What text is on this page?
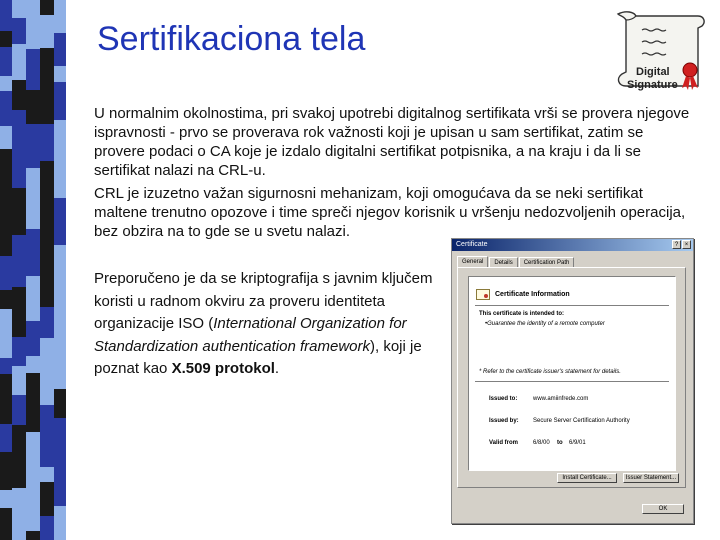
Sertifikaciona tela
Digital
Signature

U normalnim okolnostima, pri svakoj upotrebi digitalnog sertifikata vrši se provera njegove ispravnosti - prvo se proverava rok važnosti koji je upisan u sam sertifikat, zatim se provere podaci o CA koje je izdalo digitalni sertifikat potpisnika, a na kraju i da li se sertifikat nalazi na CRL-u.

CRL je izuzetno važan sigurnosni mehanizam, koji omogućava da se neki sertifikat maltene trenutno opozove i time spreči njegov korisnik u vršenju nedozvoljenih operacija, bez obzira na to gde se u svetu nalazi.

Preporučeno je da se kriptografija s javnim ključem koristi u radnom okviru za proveru identiteta organizacije ISO (International Organization for Standardization authentication framework), koji je poznat kao X.509 protokol.

Certificate	?	×
General	Details	Certification Path
Certificate Information
This certificate is intended to:
•Guarantee the identity of a remote computer
* Refer to the certificate issuer's statement for details.
Issued to:	www.amiinfrede.com
Issued by: Secure Server Certification Authority
Valid from 6/8/00 to 6/9/01
Install Certificate...	Issuer Statement...
OK
